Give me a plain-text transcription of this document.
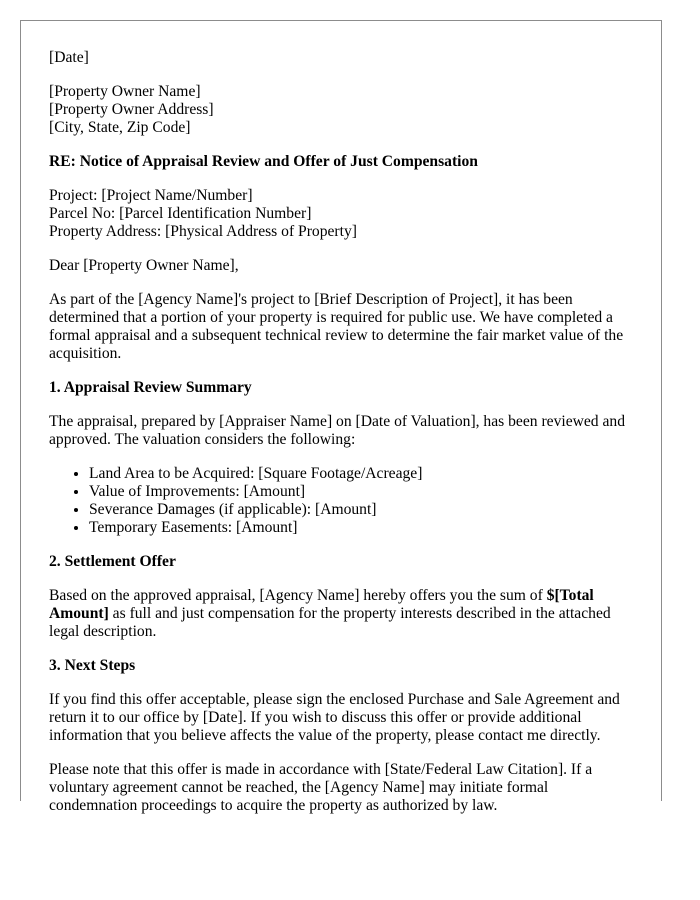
[Date]

[Property Owner Name]
[Property Owner Address]
[City, State, Zip Code]

RE: Notice of Appraisal Review and Offer of Just Compensation

Project: [Project Name/Number]
Parcel No: [Parcel Identification Number]
Property Address: [Physical Address of Property]

Dear [Property Owner Name],

As part of the [Agency Name]'s project to [Brief Description of Project], it has been determined that a portion of your property is required for public use. We have completed a formal appraisal and a subsequent technical review to determine the fair market value of the acquisition.

1. Appraisal Review Summary

The appraisal, prepared by [Appraiser Name] on [Date of Valuation], has been reviewed and approved. The valuation considers the following:

• Land Area to be Acquired: [Square Footage/Acreage]
• Value of Improvements: [Amount]
• Severance Damages (if applicable): [Amount]
• Temporary Easements: [Amount]

2. Settlement Offer

Based on the approved appraisal, [Agency Name] hereby offers you the sum of $[Total Amount] as full and just compensation for the property interests described in the attached legal description.

3. Next Steps

If you find this offer acceptable, please sign the enclosed Purchase and Sale Agreement and return it to our office by [Date]. If you wish to discuss this offer or provide additional information that you believe affects the value of the property, please contact me directly.

Please note that this offer is made in accordance with [State/Federal Law Citation]. If a voluntary agreement cannot be reached, the [Agency Name] may initiate formal condemnation proceedings to acquire the property as authorized by law.
